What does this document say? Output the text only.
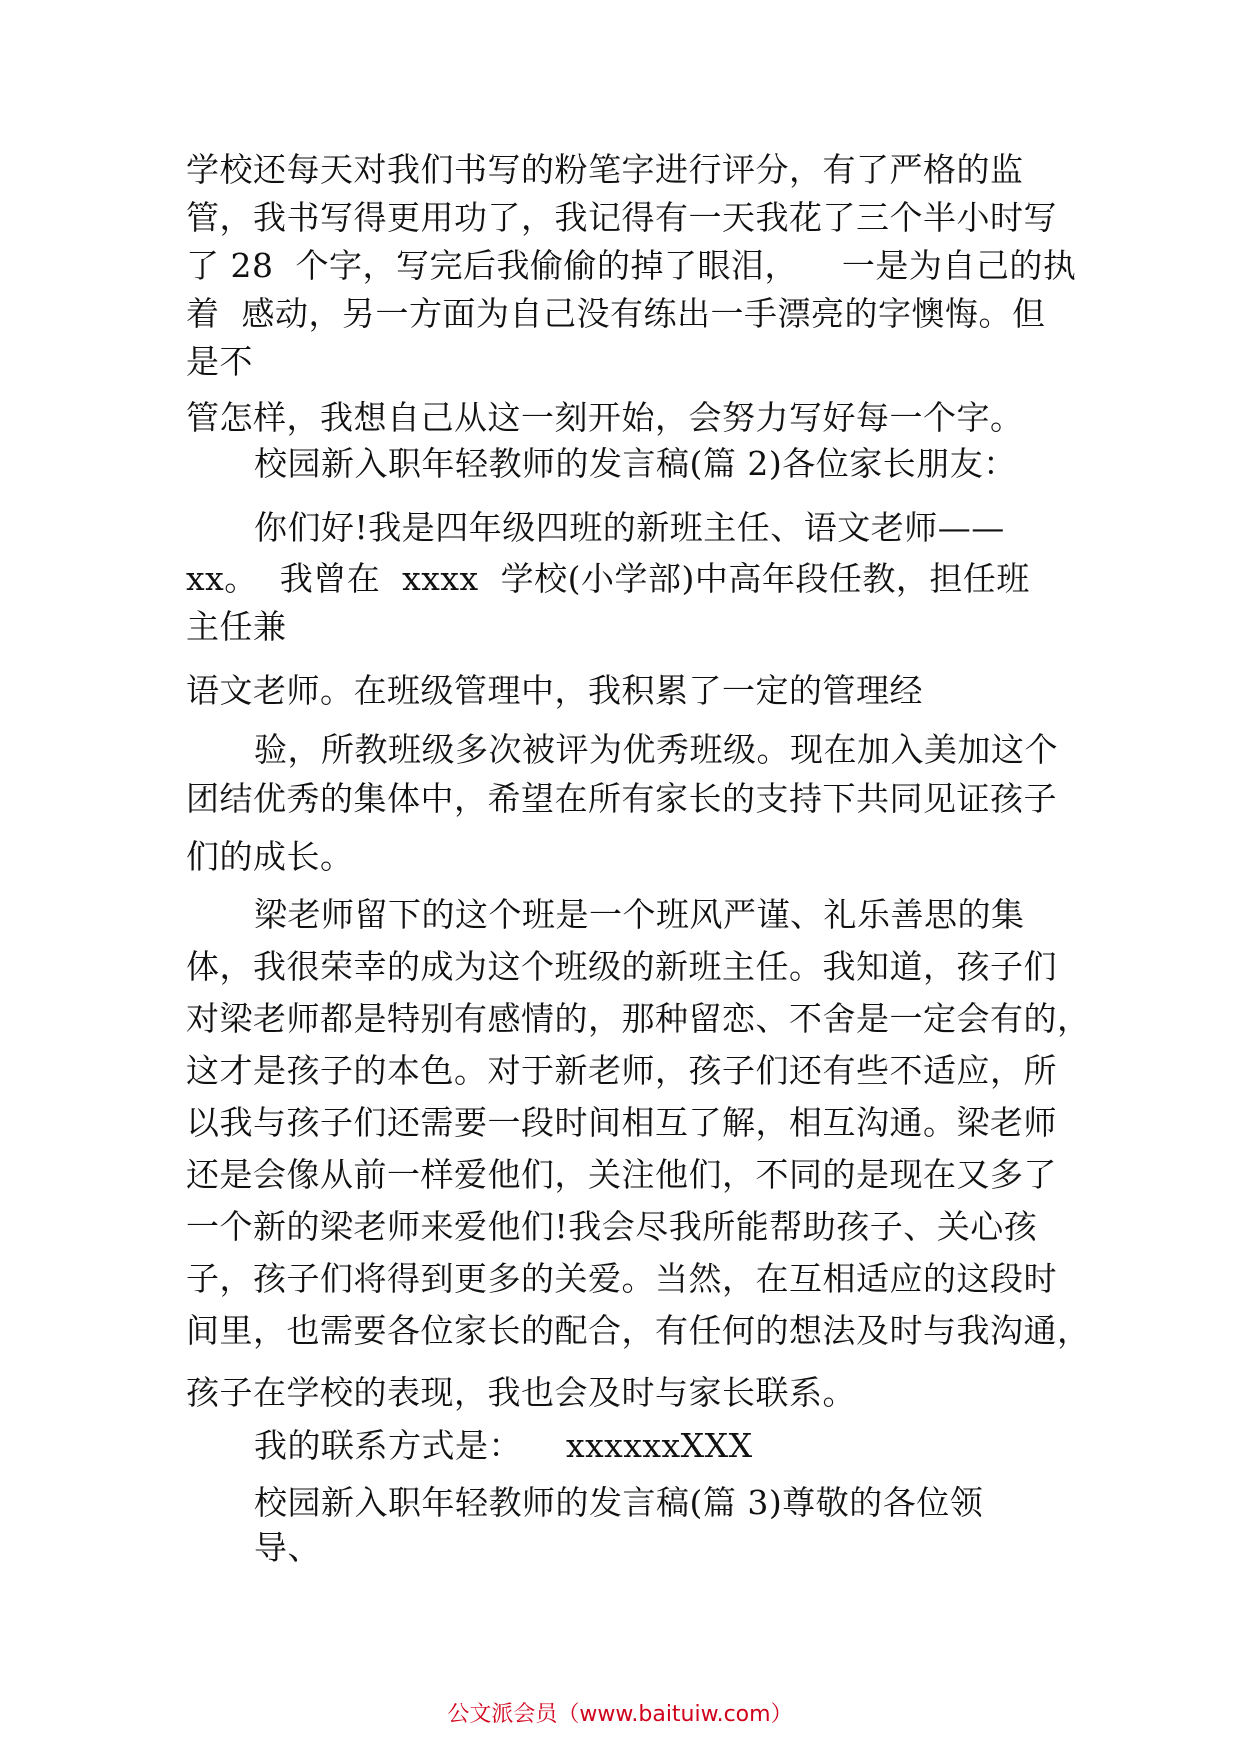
学校还每天对我们书写的粉笔字进行评分，有了严格的监

管，我书写得更用功了，我记得有一天我花了三个半小时写

了 28  个字，写完后我偷偷的掉了眼泪，    一是为自己的执

着  感动，另一方面为自己没有练出一手漂亮的字懊悔。但

是不

管怎样，我想自己从这一刻开始，会努力写好每一个字。

校园新入职年轻教师的发言稿(篇 2)各位家长朋友：

你们好!我是四年级四班的新班主任、语文老师——

xx。  我曾在  xxxx  学校(小学部)中高年段任教，担任班

主任兼

语文老师。在班级管理中，我积累了一定的管理经

验，所教班级多次被评为优秀班级。现在加入美加这个

团结优秀的集体中，希望在所有家长的支持下共同见证孩子

们的成长。

梁老师留下的这个班是一个班风严谨、礼乐善思的集

体，我很荣幸的成为这个班级的新班主任。我知道，孩子们

对梁老师都是特别有感情的，那种留恋、不舍是一定会有的，

这才是孩子的本色。对于新老师，孩子们还有些不适应，所

以我与孩子们还需要一段时间相互了解，相互沟通。梁老师

还是会像从前一样爱他们，关注他们，不同的是现在又多了

一个新的梁老师来爱他们!我会尽我所能帮助孩子、关心孩

子，孩子们将得到更多的关爱。当然，在互相适应的这段时

间里，也需要各位家长的配合，有任何的想法及时与我沟通，

孩子在学校的表现，我也会及时与家长联系。

我的联系方式是：    xxxxxxXXX

校园新入职年轻教师的发言稿(篇 3)尊敬的各位领

导、

公文派会员（www.baituiw.com）
